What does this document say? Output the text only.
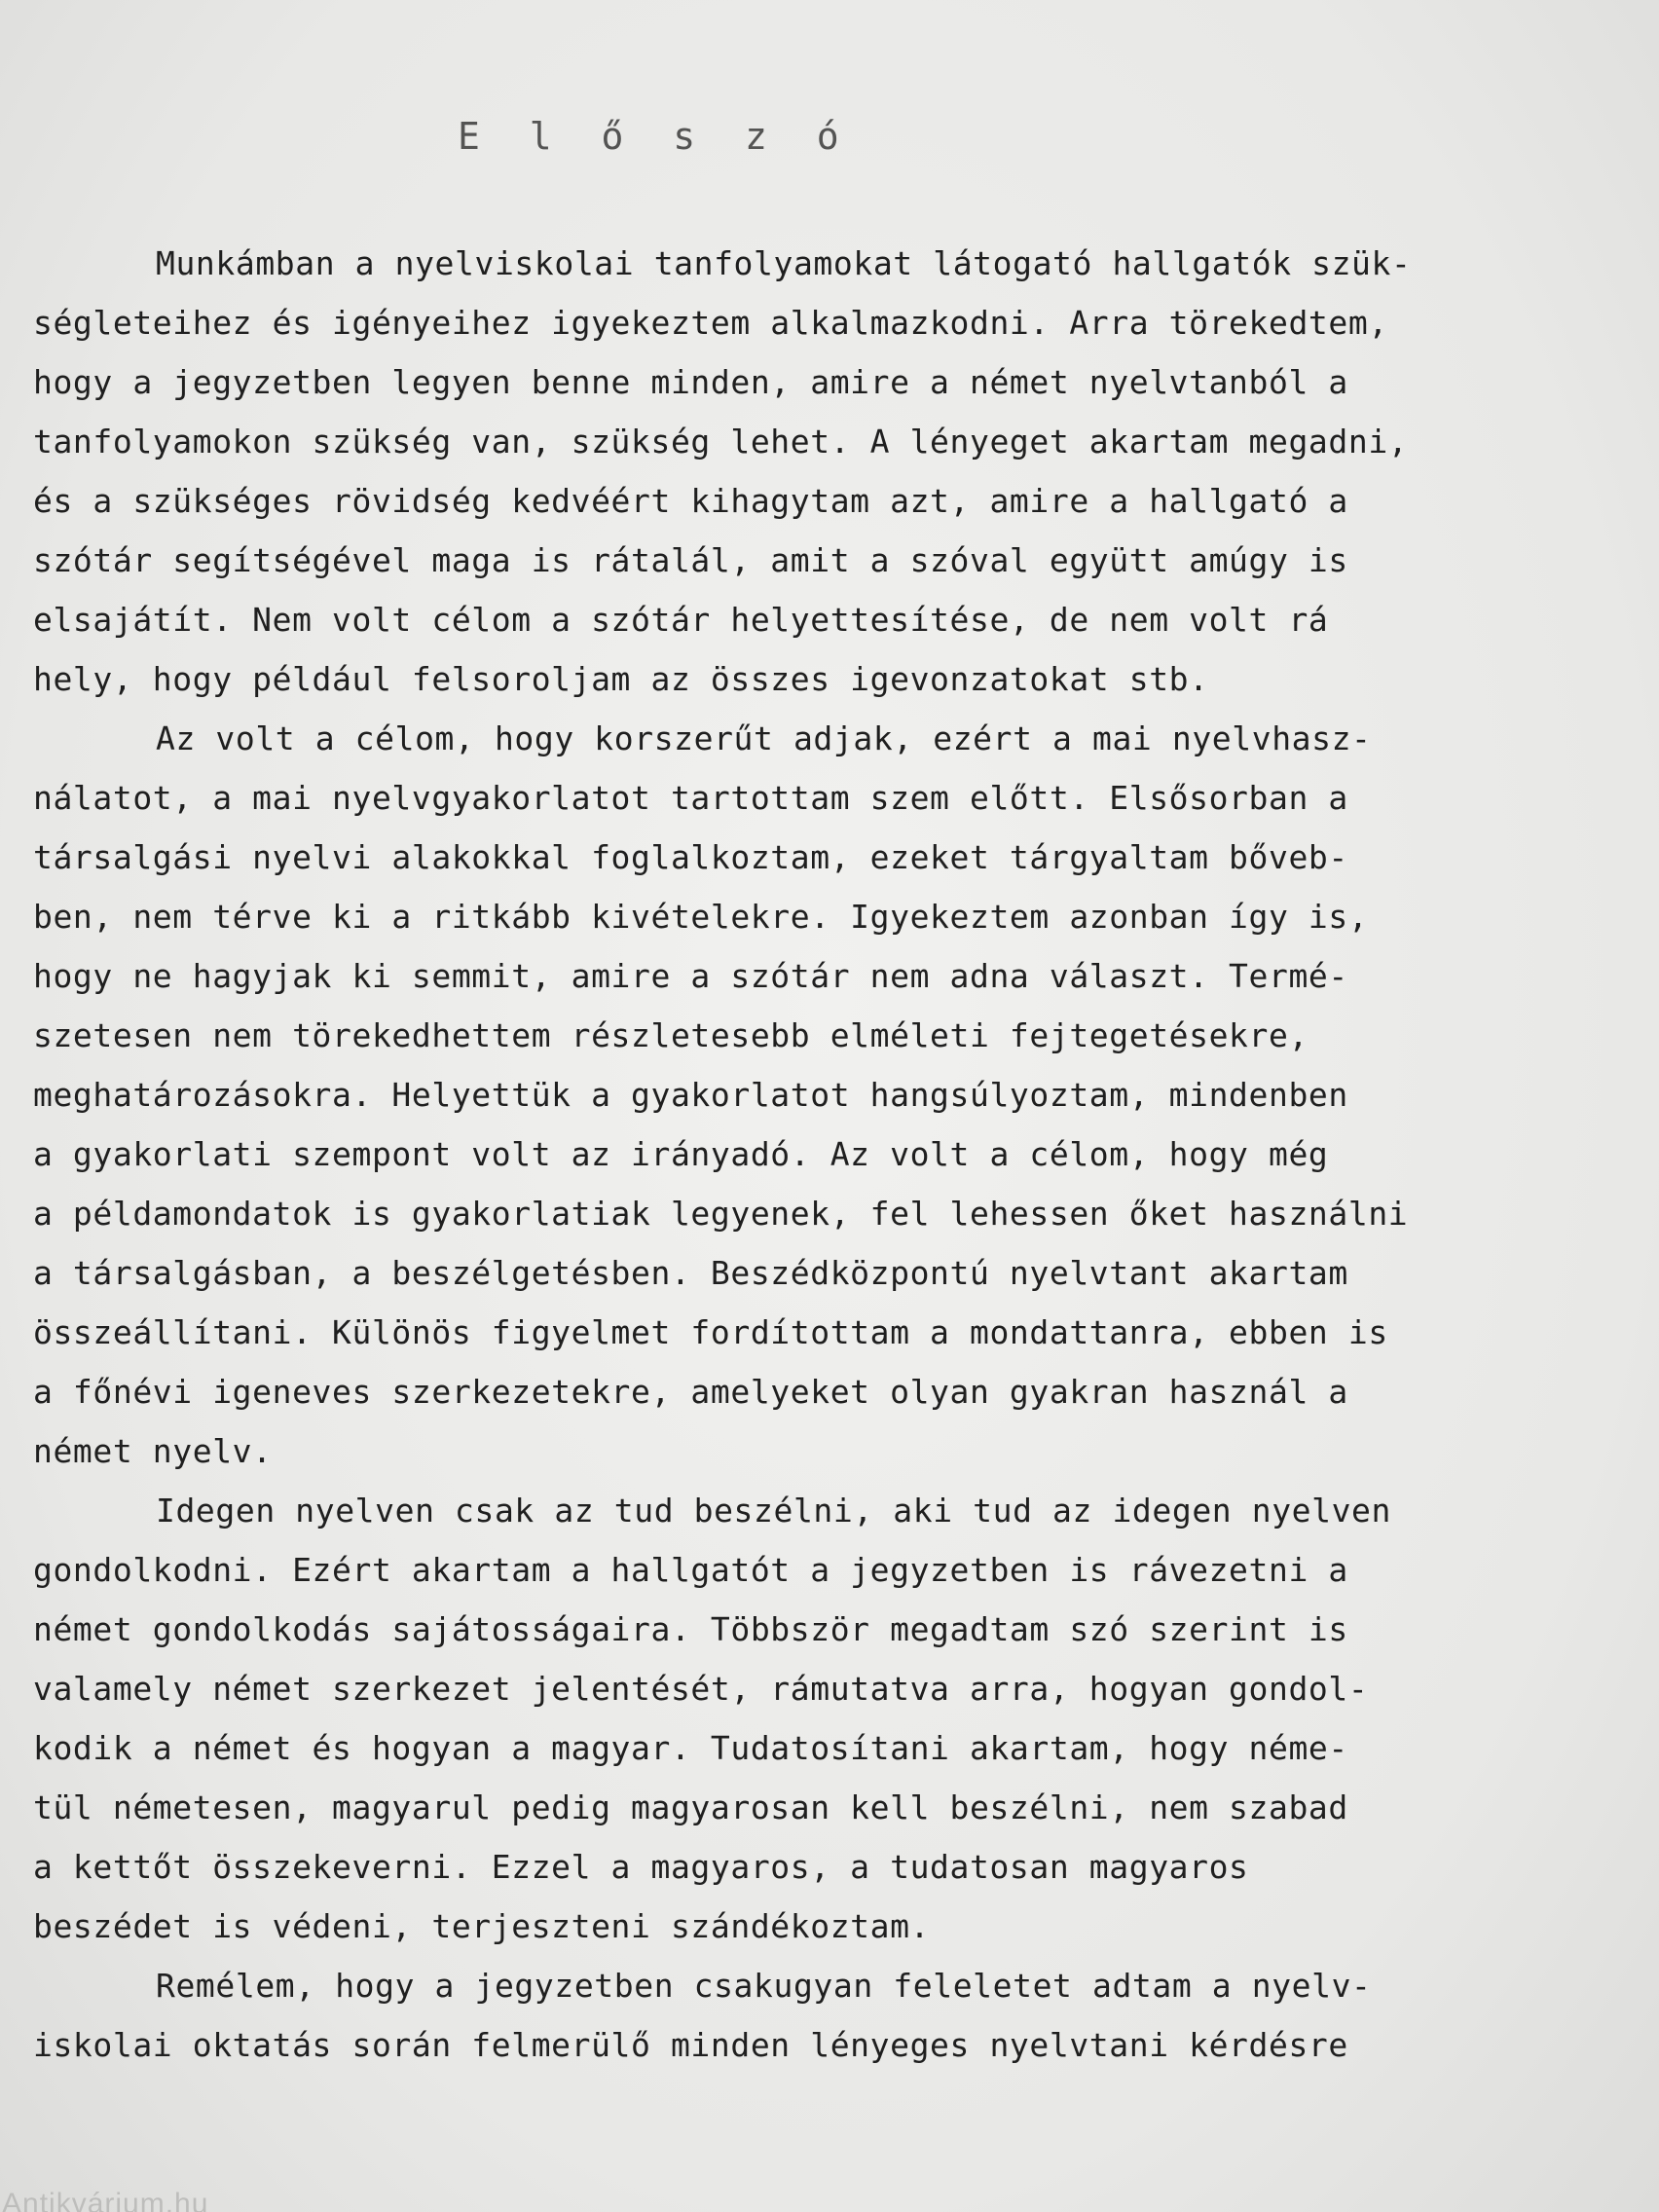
E l ő s z ó
Munkámban a nyelviskolai tanfolyamokat látogató hallgatók szük-
ségleteihez és igényeihez igyekeztem alkalmazkodni. Arra törekedtem,
hogy a jegyzetben legyen benne minden, amire a német nyelvtanból a
tanfolyamokon szükség van, szükség lehet. A lényeget akartam megadni,
és a szükséges rövidség kedvéért kihagytam azt, amire a hallgató a
szótár segítségével maga is rátalál, amit a szóval együtt amúgy is
elsajátít. Nem volt célom a szótár helyettesítése, de nem volt rá
hely, hogy például felsoroljam az összes igevonzatokat stb.
Az volt a célom, hogy korszerűt adjak, ezért a mai nyelvhasz-
nálatot, a mai nyelvgyakorlatot tartottam szem előtt. Elsősorban a
társalgási nyelvi alakokkal foglalkoztam, ezeket tárgyaltam bőveb-
ben, nem térve ki a ritkább kivételekre. Igyekeztem azonban így is,
hogy ne hagyjak ki semmit, amire a szótár nem adna választ. Termé-
szetesen nem törekedhettem részletesebb elméleti fejtegetésekre,
meghatározásokra. Helyettük a gyakorlatot hangsúlyoztam, mindenben
a gyakorlati szempont volt az irányadó. Az volt a célom, hogy még
a példamondatok is gyakorlatiak legyenek, fel lehessen őket használni
a társalgásban, a beszélgetésben. Beszédközpontú nyelvtant akartam
összeállítani. Különös figyelmet fordítottam a mondattanra, ebben is
a főnévi igeneves szerkezetekre, amelyeket olyan gyakran használ a
német nyelv.
Idegen nyelven csak az tud beszélni, aki tud az idegen nyelven
gondolkodni. Ezért akartam a hallgatót a jegyzetben is rávezetni a
német gondolkodás sajátosságaira. Többször megadtam szó szerint is
valamely német szerkezet jelentését, rámutatva arra, hogyan gondol-
kodik a német és hogyan a magyar. Tudatosítani akartam, hogy néme-
tül németesen, magyarul pedig magyarosan kell beszélni, nem szabad
a kettőt összekeverni. Ezzel a magyaros, a tudatosan magyaros
beszédet is védeni, terjeszteni szándékoztam.
Remélem, hogy a jegyzetben csakugyan feleletet adtam a nyelv-
iskolai oktatás során felmerülő minden lényeges nyelvtani kérdésre
Antikvárium.hu
